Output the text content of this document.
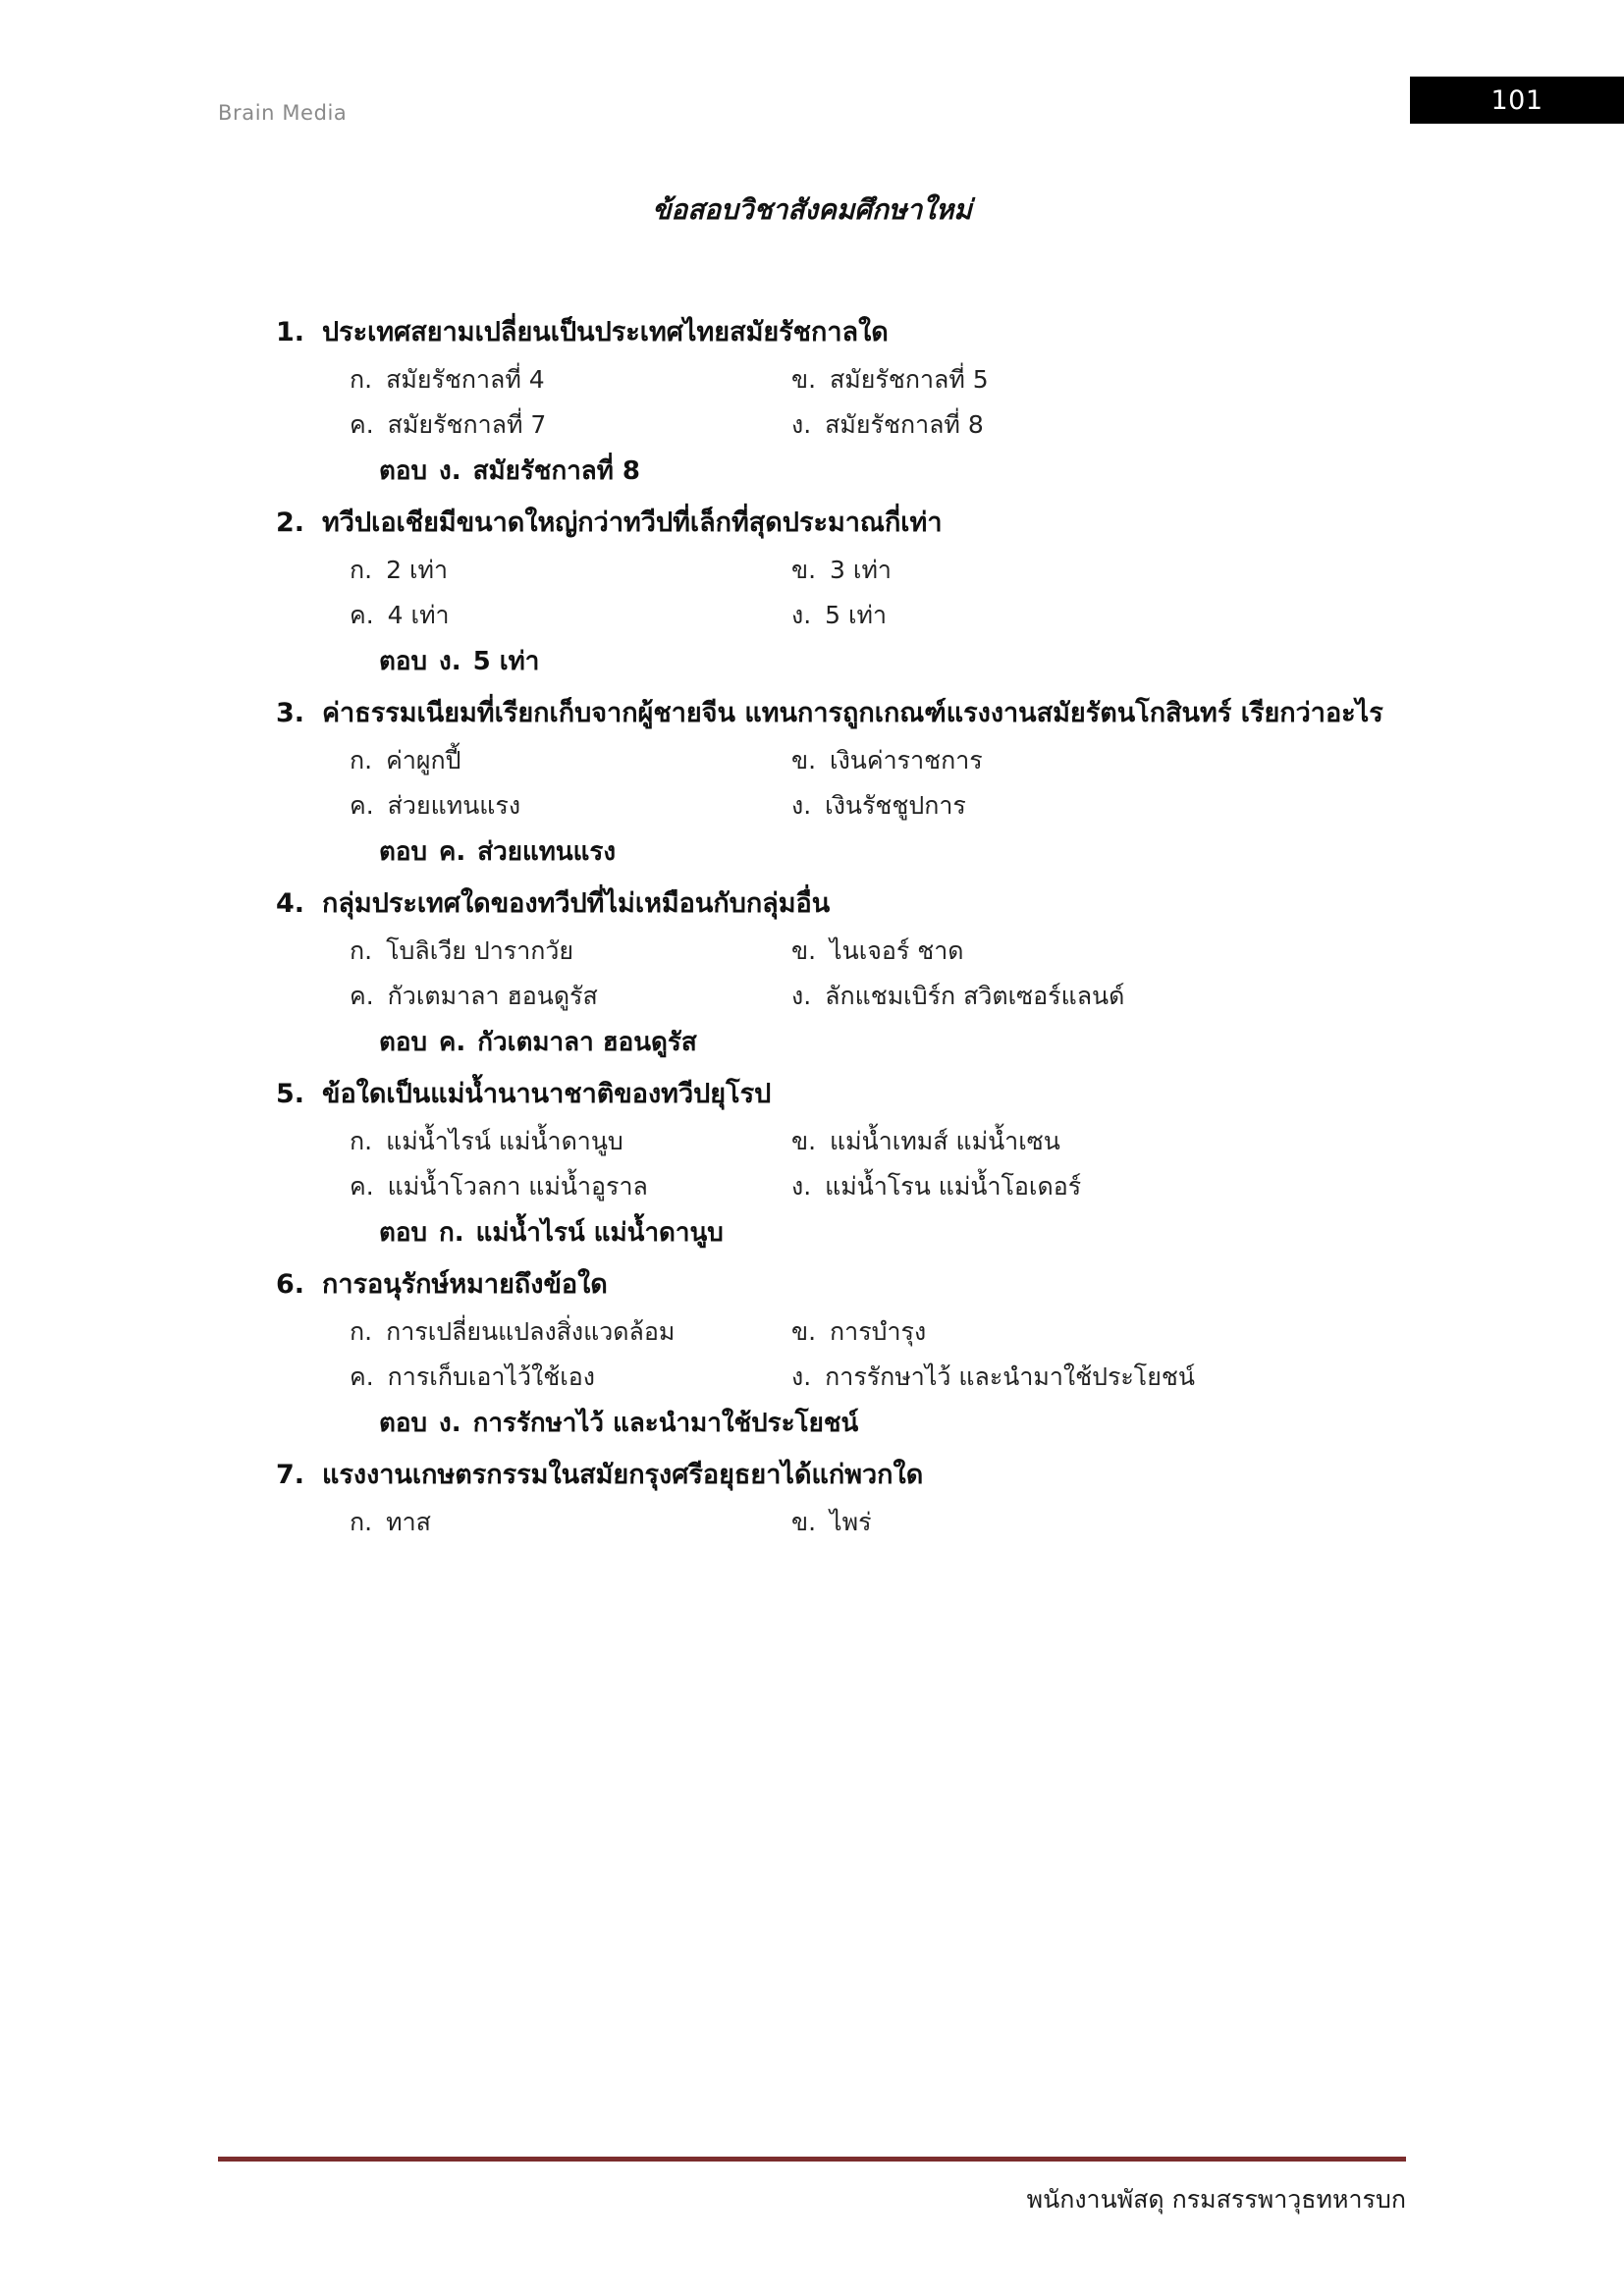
Brain Media	101
ข้อสอบวิชาสังคมศึกษาใหม่
1. ประเทศสยามเปลี่ยนเป็นประเทศไทยสมัยรัชกาลใด
ก. สมัยรัชกาลที่ 4	ข. สมัยรัชกาลที่ 5
ค. สมัยรัชกาลที่ 7	ง. สมัยรัชกาลที่ 8
ตอบ ง. สมัยรัชกาลที่ 8
2. ทวีปเอเชียมีขนาดใหญ่กว่าทวีปที่เล็กที่สุดประมาณกี่เท่า
ก. 2 เท่า	ข. 3 เท่า
ค. 4 เท่า	ง. 5 เท่า
ตอบ ง. 5 เท่า
3. ค่าธรรมเนียมที่เรียกเก็บจากผู้ชายจีน แทนการถูกเกณฑ์แรงงานสมัยรัตนโกสินทร์ เรียกว่าอะไร
ก. ค่าผูกปี้	ข. เงินค่าราชการ
ค. ส่วยแทนแรง	ง. เงินรัชชูปการ
ตอบ ค. ส่วยแทนแรง
4. กลุ่มประเทศใดของทวีปที่ไม่เหมือนกับกลุ่มอื่น
ก. โบลิเวีย ปารากวัย	ข. ไนเจอร์ ชาด
ค. กัวเตมาลา ฮอนดูรัส	ง. ลักแชมเบิร์ก สวิตเซอร์แลนด์
ตอบ ค. กัวเตมาลา ฮอนดูรัส
5. ข้อใดเป็นแม่น้ำนานาชาติของทวีปยุโรป
ก. แม่น้ำไรน์ แม่น้ำดานูบ	ข. แม่น้ำเทมส์ แม่น้ำเซน
ค. แม่น้ำโวลกา แม่น้ำอูราล	ง. แม่น้ำโรน แม่น้ำโอเดอร์
ตอบ ก. แม่น้ำไรน์ แม่น้ำดานูบ
6. การอนุรักษ์หมายถึงข้อใด
ก. การเปลี่ยนแปลงสิ่งแวดล้อม	ข. การบำรุง
ค. การเก็บเอาไว้ใช้เอง	ง. การรักษาไว้ และนำมาใช้ประโยชน์
ตอบ ง. การรักษาไว้ และนำมาใช้ประโยชน์
7. แรงงานเกษตรกรรมในสมัยกรุงศรีอยุธยาได้แก่พวกใด
ก. ทาส	ข. ไพร่
พนักงานพัสดุ กรมสรรพาวุธทหารบก
